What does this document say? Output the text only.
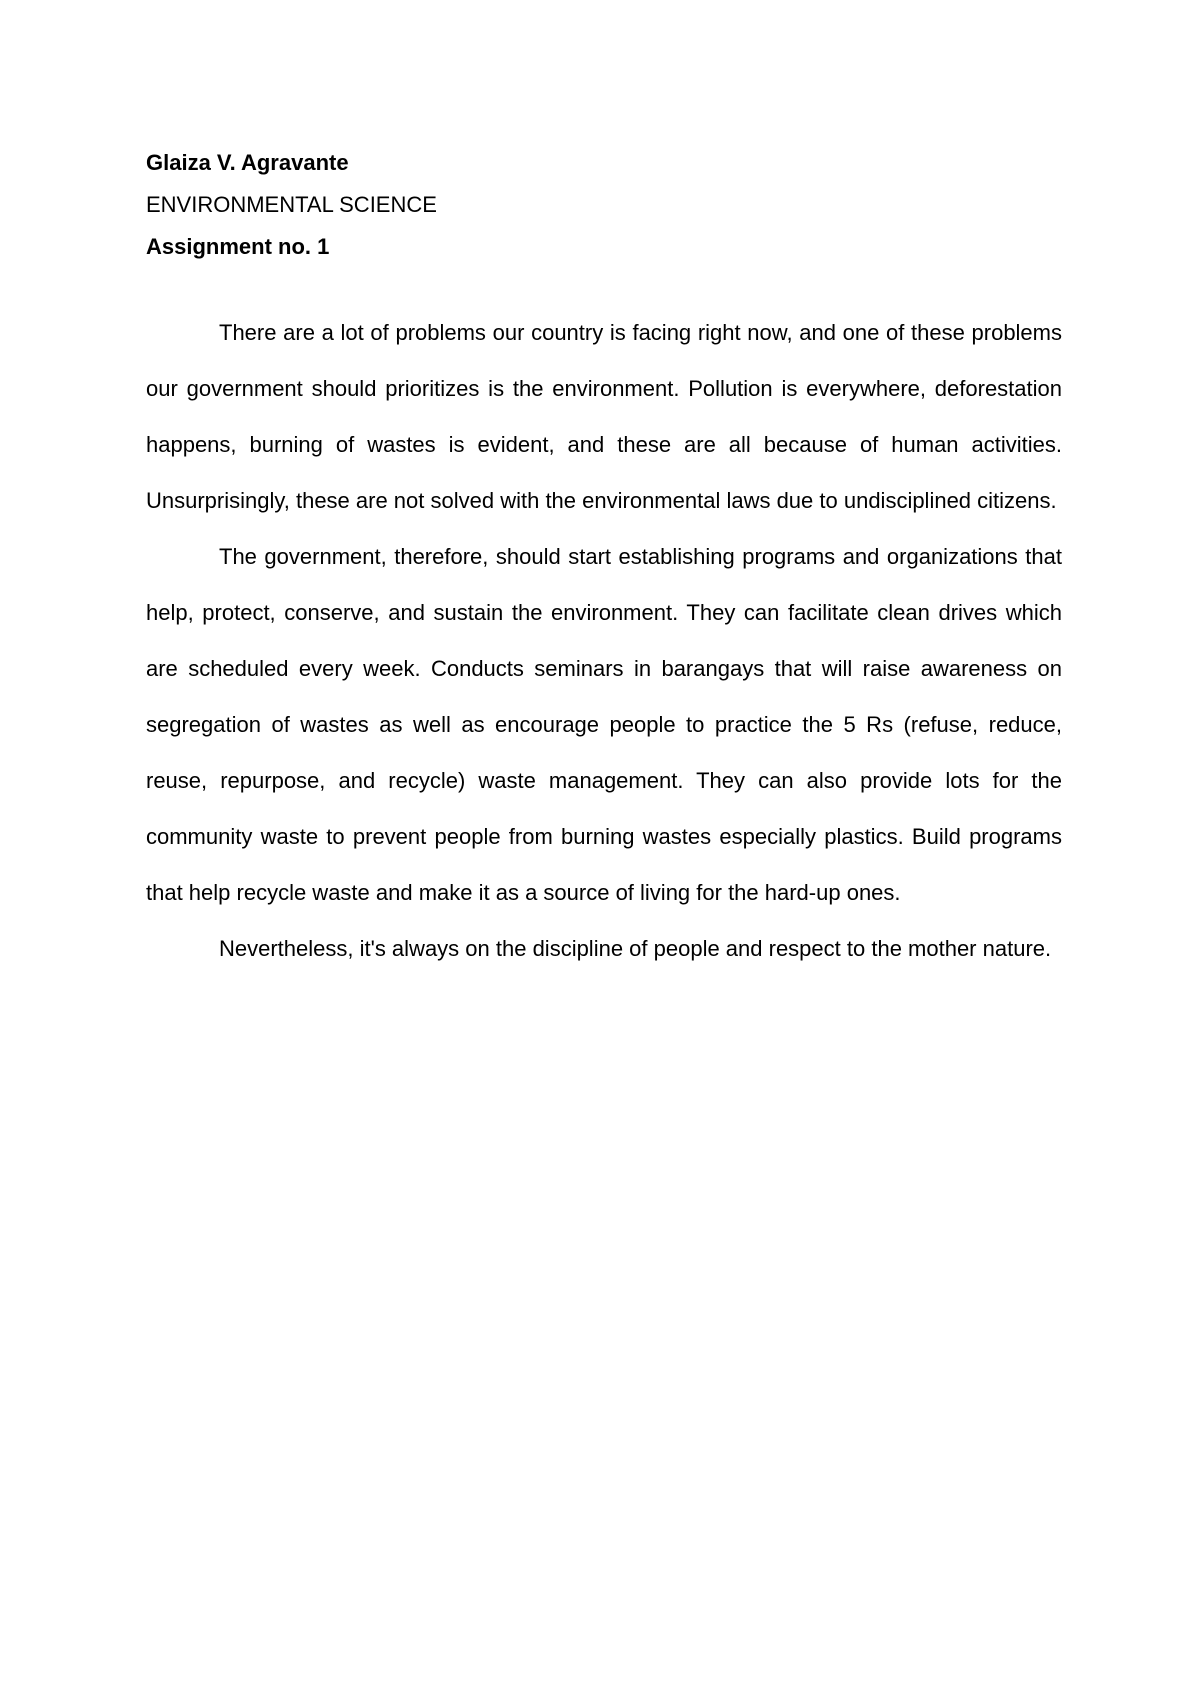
Glaiza V. Agravante
ENVIRONMENTAL SCIENCE
Assignment no. 1

There are a lot of problems our country is facing right now, and one of these problems our government should prioritizes is the environment. Pollution is everywhere, deforestation happens, burning of wastes is evident, and these are all because of human activities. Unsurprisingly, these are not solved with the environmental laws due to undisciplined citizens.

The government, therefore, should start establishing programs and organizations that help, protect, conserve, and sustain the environment. They can facilitate clean drives which are scheduled every week. Conducts seminars in barangays that will raise awareness on segregation of wastes as well as encourage people to practice the 5 Rs (refuse, reduce, reuse, repurpose, and recycle) waste management. They can also provide lots for the community waste to prevent people from burning wastes especially plastics. Build programs that help recycle waste and make it as a source of living for the hard-up ones.

Nevertheless, it's always on the discipline of people and respect to the mother nature.
